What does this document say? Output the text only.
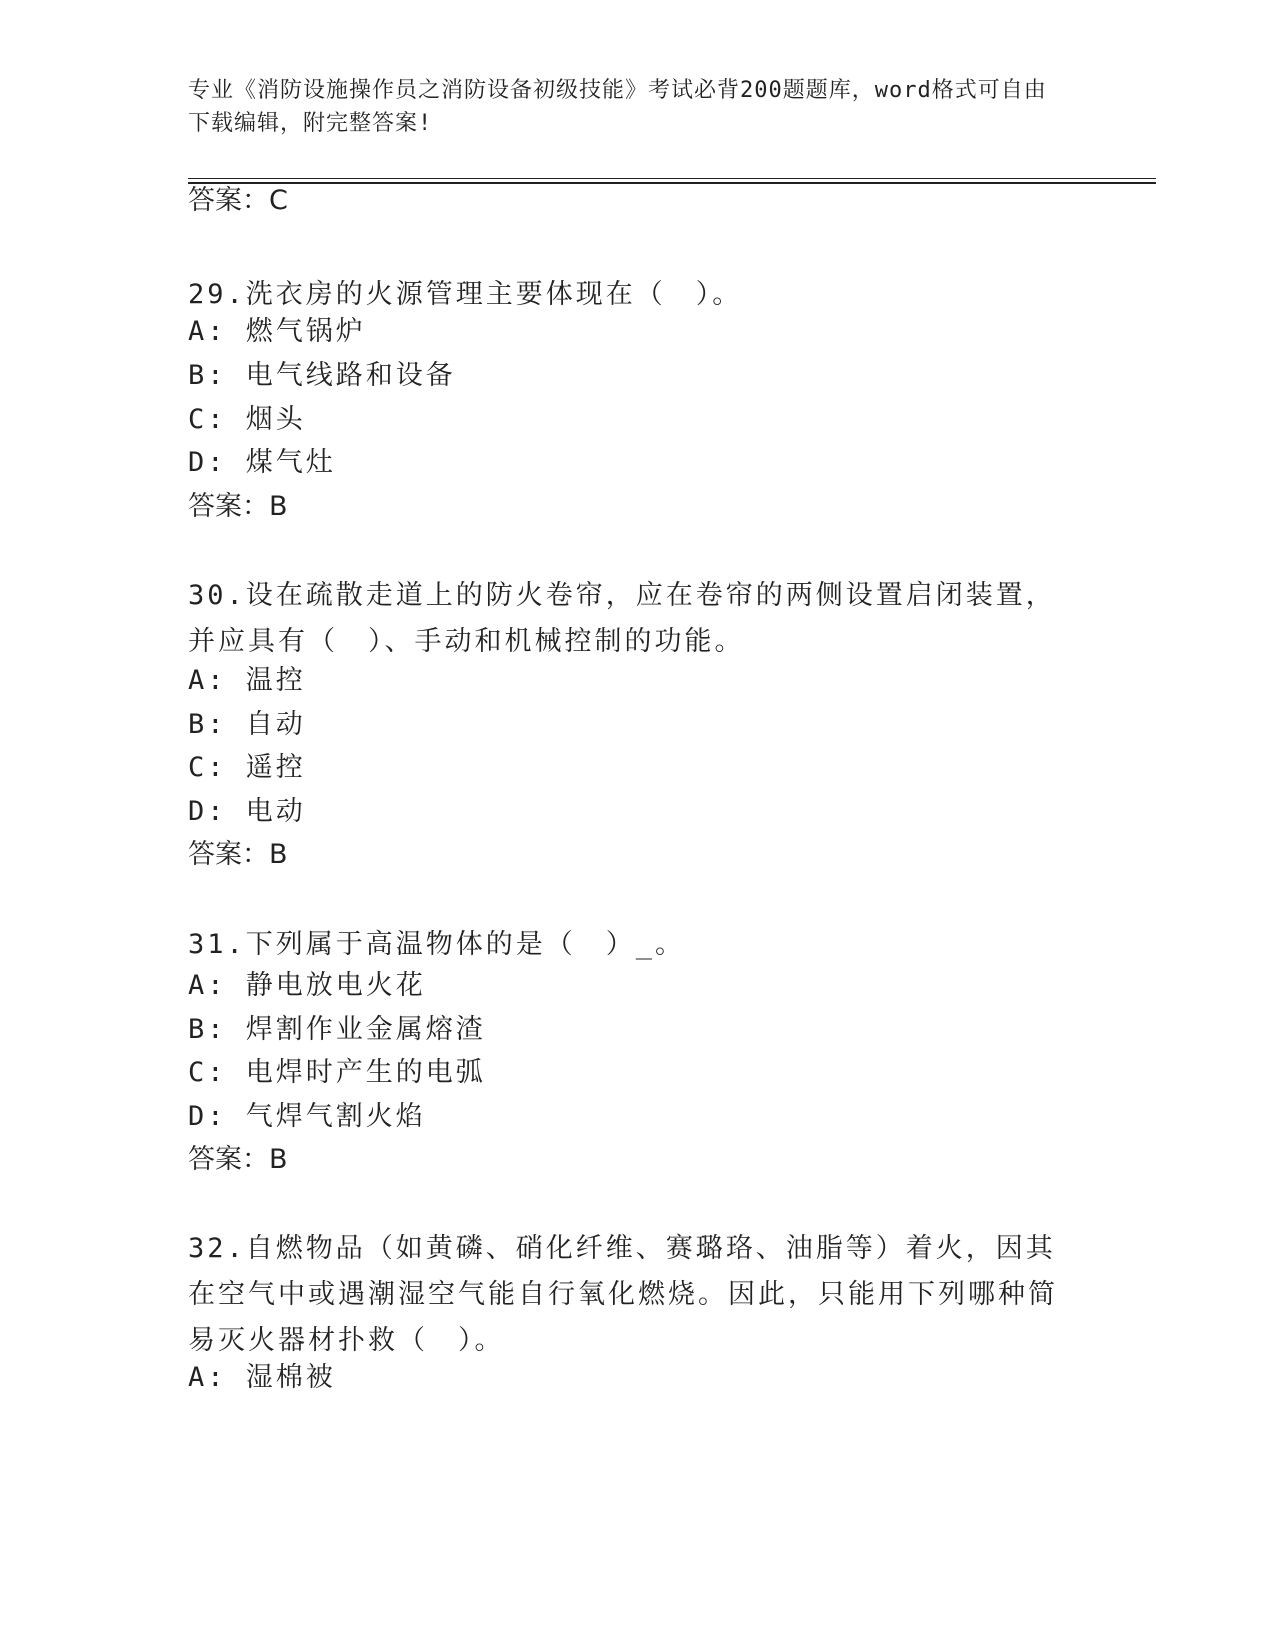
专业《消防设施操作员之消防设备初级技能》考试必背200题题库，word格式可自由下载编辑，附完整答案!
答案：C
29.洗衣房的火源管理主要体现在（　）。
A: 燃气锅炉
B: 电气线路和设备
C: 烟头
D: 煤气灶
答案：B
30.设在疏散走道上的防火卷帘，应在卷帘的两侧设置启闭装置，并应具有（　）、手动和机械控制的功能。
A: 温控
B: 自动
C: 遥控
D: 电动
答案：B
31.下列属于高温物体的是（　）_。
A: 静电放电火花
B: 焊割作业金属熔渣
C: 电焊时产生的电弧
D: 气焊气割火焰
答案：B
32.自燃物品（如黄磷、硝化纤维、赛璐珞、油脂等）着火，因其在空气中或遇潮湿空气能自行氧化燃烧。因此，只能用下列哪种简易灭火器材扑救（　）。
A: 湿棉被
